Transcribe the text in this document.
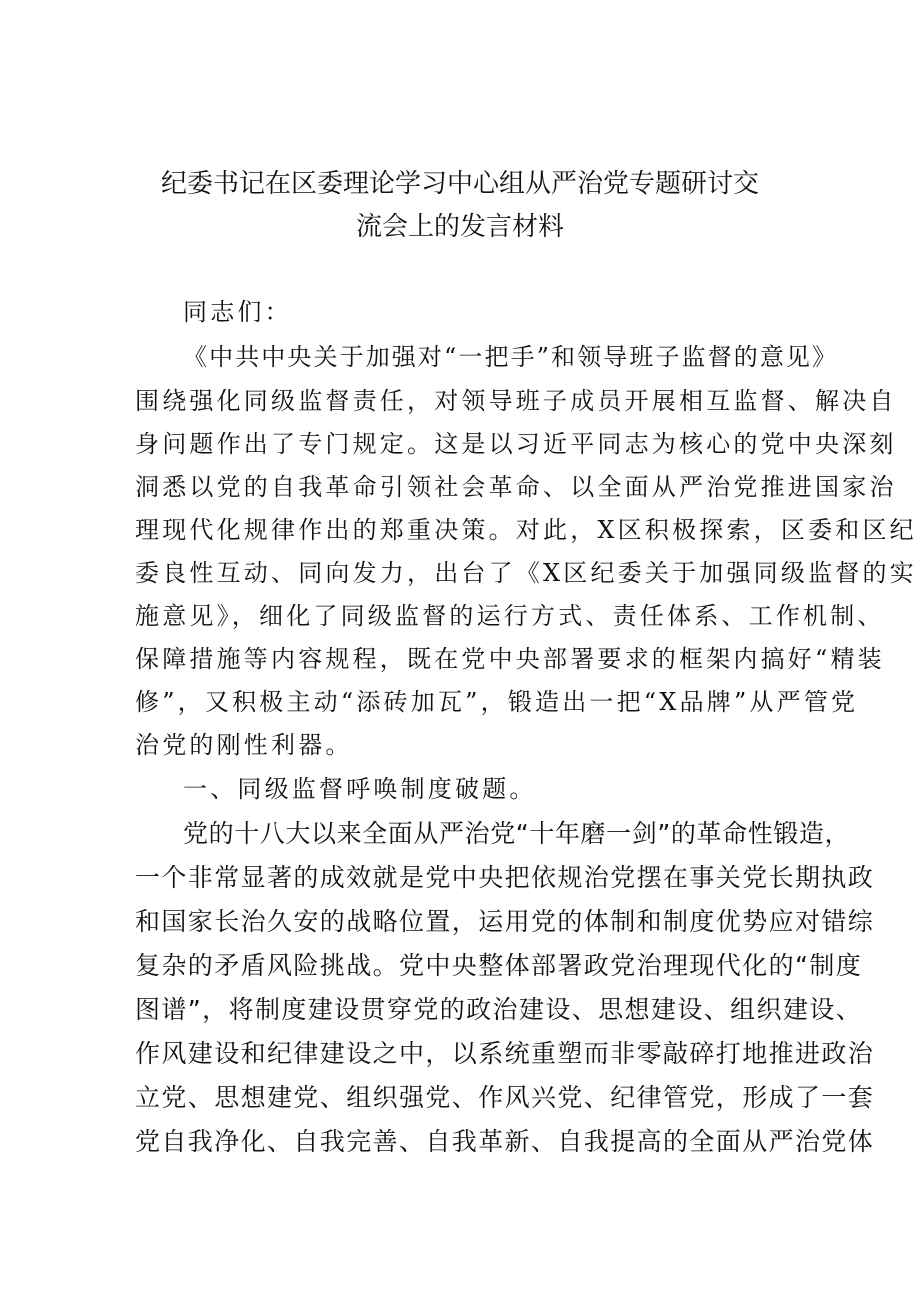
纪委书记在区委理论学习中心组从严治党专题研讨交
流会上的发言材料

同志们：

《中共中央关于加强对“一把手”和领导班子监督的意见》

围绕强化同级监督责任，对领导班子成员开展相互监督、解决自

身问题作出了专门规定。这是以习近平同志为核心的党中央深刻

洞悉以党的自我革命引领社会革命、以全面从严治党推进国家治

理现代化规律作出的郑重决策。对此，X区积极探索，区委和区纪

委良性互动、同向发力，出台了《X区纪委关于加强同级监督的实

施意见》，细化了同级监督的运行方式、责任体系、工作机制、

保障措施等内容规程，既在党中央部署要求的框架内搞好“精装

修”，又积极主动“添砖加瓦”，锻造出一把“X品牌”从严管党

治党的刚性利器。

一、同级监督呼唤制度破题。

党的十八大以来全面从严治党“十年磨一剑”的革命性锻造，

一个非常显著的成效就是党中央把依规治党摆在事关党长期执政

和国家长治久安的战略位置，运用党的体制和制度优势应对错综

复杂的矛盾风险挑战。党中央整体部署政党治理现代化的“制度

图谱”，将制度建设贯穿党的政治建设、思想建设、组织建设、

作风建设和纪律建设之中，以系统重塑而非零敲碎打地推进政治

立党、思想建党、组织强党、作风兴党、纪律管党，形成了一套

党自我净化、自我完善、自我革新、自我提高的全面从严治党体
